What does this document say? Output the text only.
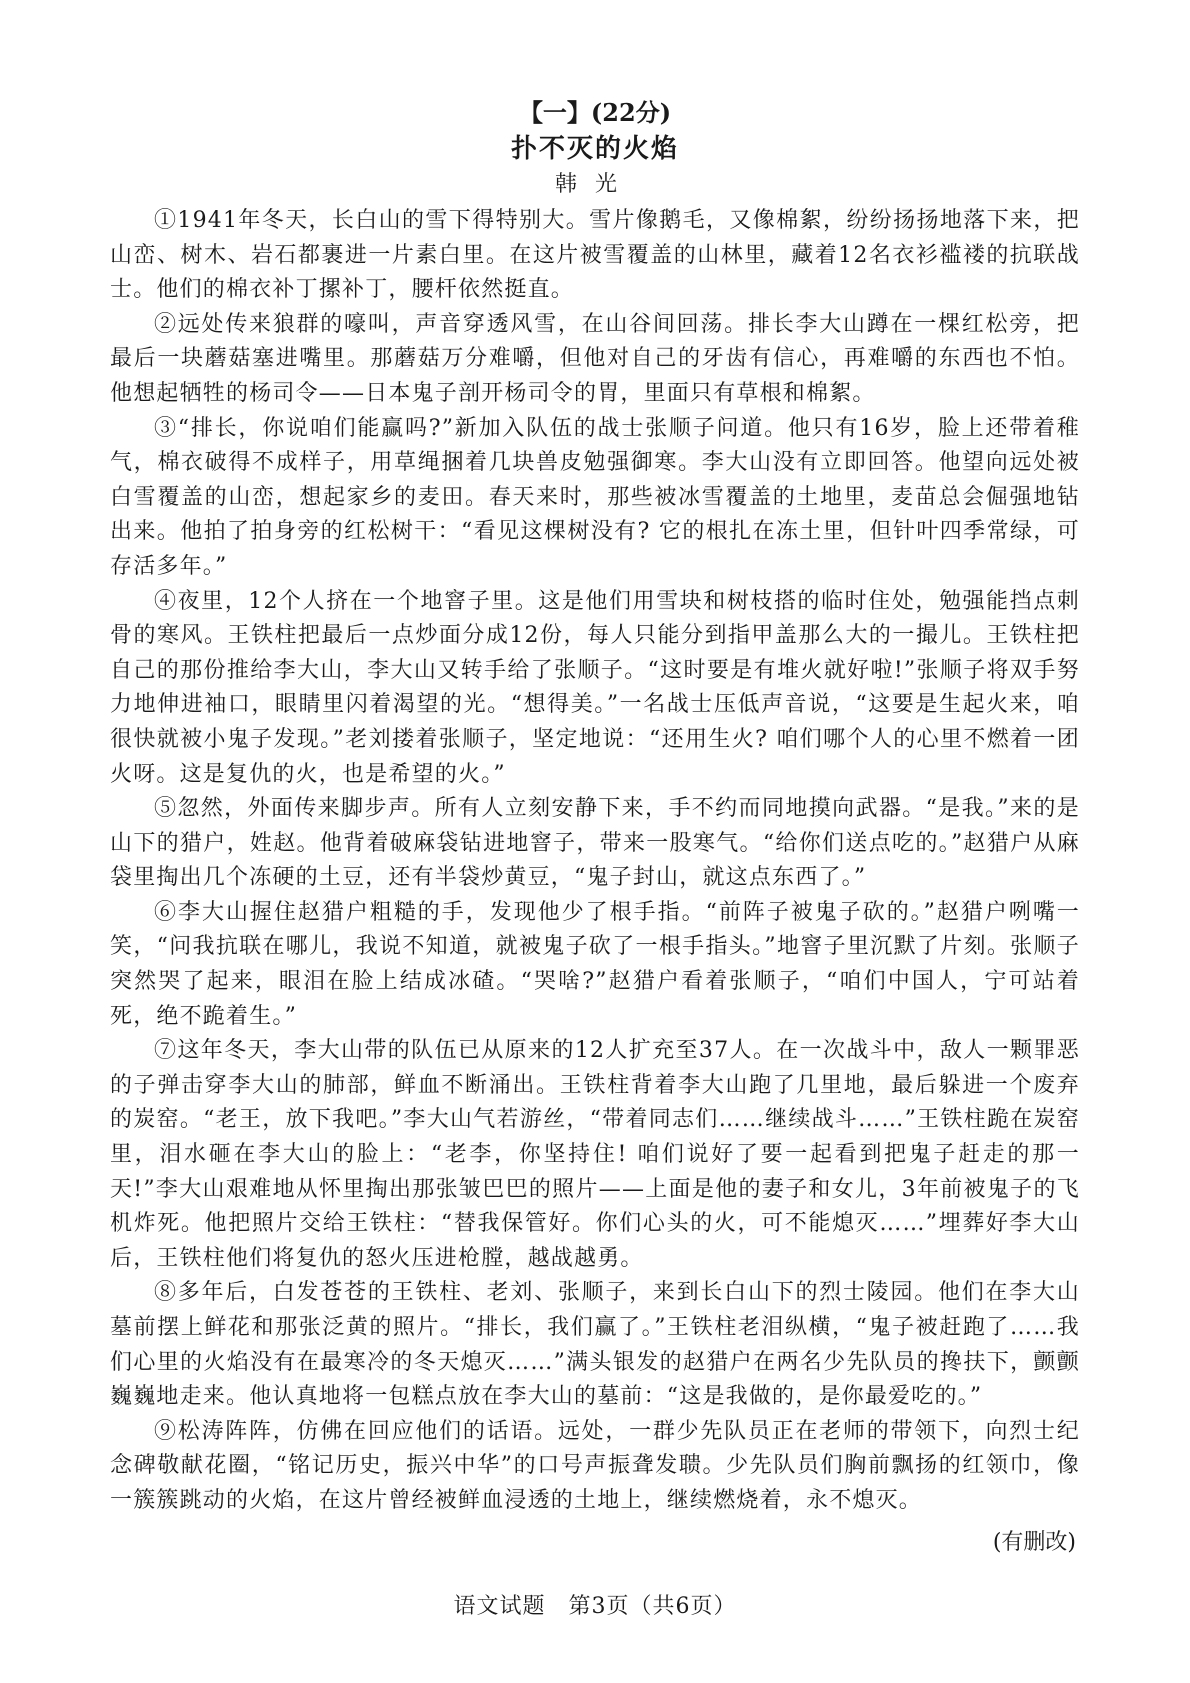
【一】(22分)

扑不灭的火焰

韩光

①1941年冬天，长白山的雪下得特别大。雪片像鹅毛，又像棉絮，纷纷扬扬地落下来，把山峦、树木、岩石都裹进一片素白里。在这片被雪覆盖的山林里，藏着12名衣衫褴褛的抗联战士。他们的棉衣补丁摞补丁，腰杆依然挺直。

②远处传来狼群的嚎叫，声音穿透风雪，在山谷间回荡。排长李大山蹲在一棵红松旁，把最后一块蘑菇塞进嘴里。那蘑菇万分难嚼，但他对自己的牙齿有信心，再难嚼的东西也不怕。他想起牺牲的杨司令——日本鬼子剖开杨司令的胃，里面只有草根和棉絮。

③“排长，你说咱们能赢吗?”新加入队伍的战士张顺子问道。他只有16岁，脸上还带着稚气，棉衣破得不成样子，用草绳捆着几块兽皮勉强御寒。李大山没有立即回答。他望向远处被白雪覆盖的山峦，想起家乡的麦田。春天来时，那些被冰雪覆盖的土地里，麦苗总会倔强地钻出来。他拍了拍身旁的红松树干：“看见这棵树没有? 它的根扎在冻土里，但针叶四季常绿，可存活多年。”

④夜里，12个人挤在一个地窨子里。这是他们用雪块和树枝搭的临时住处，勉强能挡点刺骨的寒风。王铁柱把最后一点炒面分成12份，每人只能分到指甲盖那么大的一撮儿。王铁柱把自己的那份推给李大山，李大山又转手给了张顺子。“这时要是有堆火就好啦!”张顺子将双手努力地伸进袖口，眼睛里闪着渴望的光。“想得美。”一名战士压低声音说，“这要是生起火来，咱很快就被小鬼子发现。”老刘搂着张顺子，坚定地说：“还用生火? 咱们哪个人的心里不燃着一团火呀。这是复仇的火，也是希望的火。”

⑤忽然，外面传来脚步声。所有人立刻安静下来，手不约而同地摸向武器。“是我。”来的是山下的猎户，姓赵。他背着破麻袋钻进地窨子，带来一股寒气。“给你们送点吃的。”赵猎户从麻袋里掏出几个冻硬的土豆，还有半袋炒黄豆，“鬼子封山，就这点东西了。”

⑥李大山握住赵猎户粗糙的手，发现他少了根手指。“前阵子被鬼子砍的。”赵猎户咧嘴一笑，“问我抗联在哪儿，我说不知道，就被鬼子砍了一根手指头。”地窨子里沉默了片刻。张顺子突然哭了起来，眼泪在脸上结成冰碴。“哭啥?”赵猎户看着张顺子，“咱们中国人，宁可站着死，绝不跪着生。”

⑦这年冬天，李大山带的队伍已从原来的12人扩充至37人。在一次战斗中，敌人一颗罪恶的子弹击穿李大山的肺部，鲜血不断涌出。王铁柱背着李大山跑了几里地，最后躲进一个废弃的炭窑。“老王，放下我吧。”李大山气若游丝，“带着同志们……继续战斗……”王铁柱跪在炭窑里，泪水砸在李大山的脸上：“老李，你坚持住! 咱们说好了要一起看到把鬼子赶走的那一天!”李大山艰难地从怀里掏出那张皱巴巴的照片——上面是他的妻子和女儿，3年前被鬼子的飞机炸死。他把照片交给王铁柱：“替我保管好。你们心头的火，可不能熄灭……”埋葬好李大山后，王铁柱他们将复仇的怒火压进枪膛，越战越勇。

⑧多年后，白发苍苍的王铁柱、老刘、张顺子，来到长白山下的烈士陵园。他们在李大山墓前摆上鲜花和那张泛黄的照片。“排长，我们赢了。”王铁柱老泪纵横，“鬼子被赶跑了……我们心里的火焰没有在最寒冷的冬天熄灭……”满头银发的赵猎户在两名少先队员的搀扶下，颤颤巍巍地走来。他认真地将一包糕点放在李大山的墓前：“这是我做的，是你最爱吃的。”

⑨松涛阵阵，仿佛在回应他们的话语。远处，一群少先队员正在老师的带领下，向烈士纪念碑敬献花圈，“铭记历史，振兴中华”的口号声振聋发聩。少先队员们胸前飘扬的红领巾，像一簇簇跳动的火焰，在这片曾经被鲜血浸透的土地上，继续燃烧着，永不熄灭。

(有删改)

语文试题　第3页（共6页）
